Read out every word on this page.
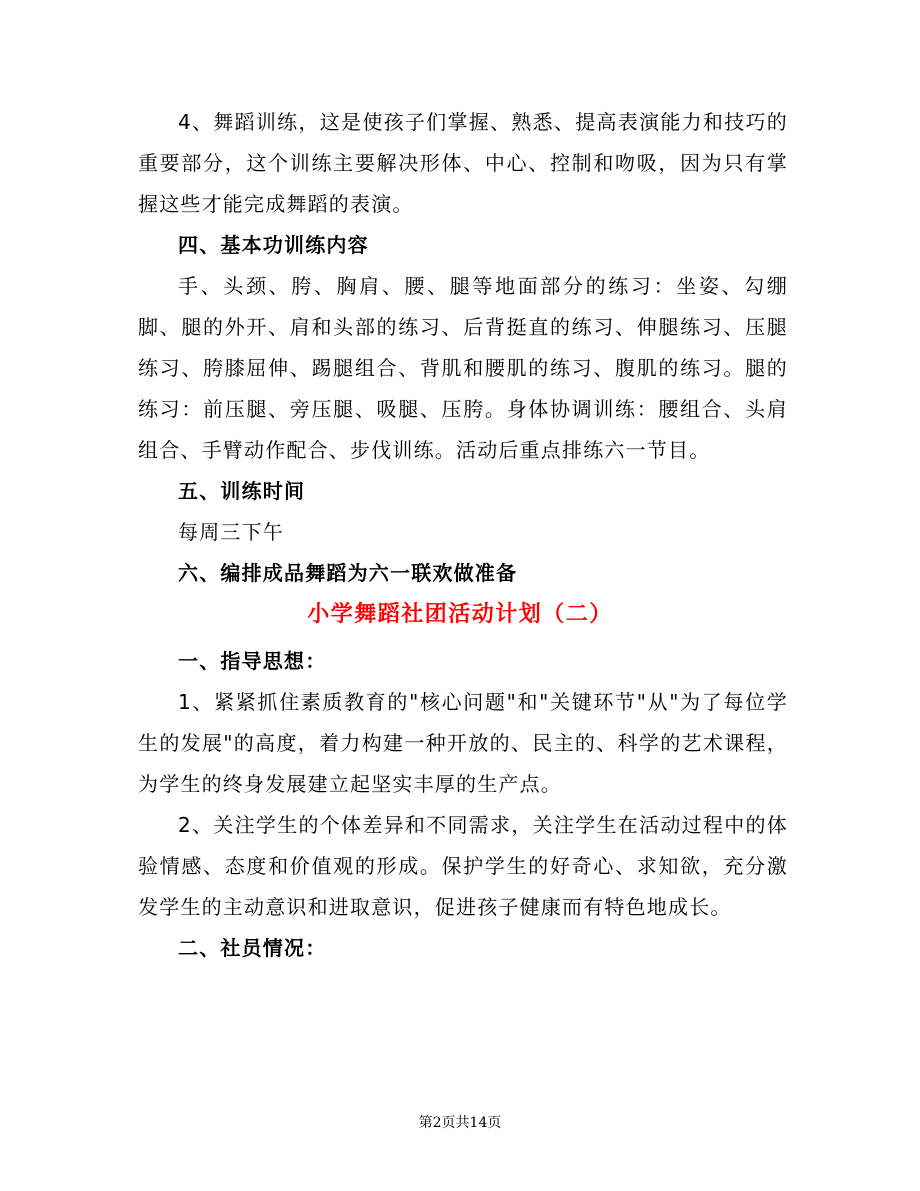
4、舞蹈训练，这是使孩子们掌握、熟悉、提高表演能力和技巧的重要部分，这个训练主要解决形体、中心、控制和吻吸，因为只有掌握这些才能完成舞蹈的表演。

四、基本功训练内容

手、头颈、胯、胸肩、腰、腿等地面部分的练习：坐姿、勾绷脚、腿的外开、肩和头部的练习、后背挺直的练习、伸腿练习、压腿练习、胯膝屈伸、踢腿组合、背肌和腰肌的练习、腹肌的练习。腿的练习：前压腿、旁压腿、吸腿、压胯。身体协调训练：腰组合、头肩组合、手臂动作配合、步伐训练。活动后重点排练六一节目。

五、训练时间

每周三下午

六、编排成品舞蹈为六一联欢做准备

小学舞蹈社团活动计划（二）

一、指导思想：

1、紧紧抓住素质教育的"核心问题"和"关键环节"从"为了每位学生的发展"的高度，着力构建一种开放的、民主的、科学的艺术课程，为学生的终身发展建立起坚实丰厚的生产点。

2、关注学生的个体差异和不同需求，关注学生在活动过程中的体验情感、态度和价值观的形成。保护学生的好奇心、求知欲，充分激发学生的主动意识和进取意识，促进孩子健康而有特色地成长。

二、社员情况：

第2页共14页
